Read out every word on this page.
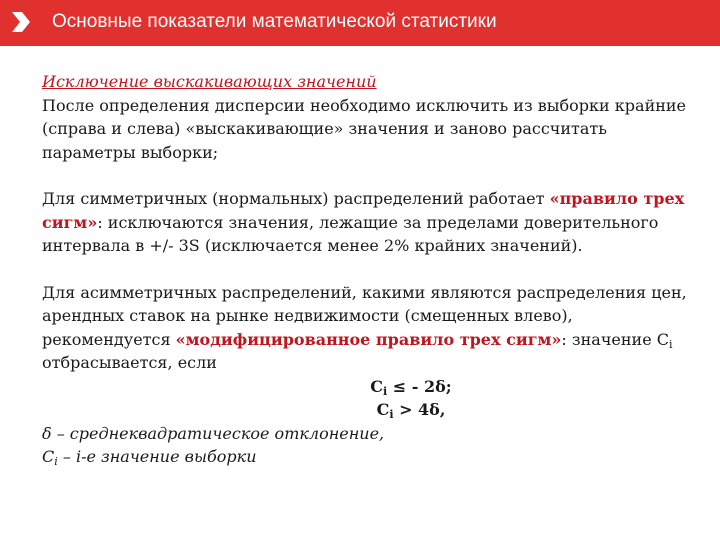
Основные показатели математической статистики

Исключение выскакивающих значений

После определения дисперсии необходимо исключить из выборки крайние (справа и слева) «выскакивающие» значения и заново рассчитать параметры выборки;

Для симметричных (нормальных) распределений работает «правило трех сигм»: исключаются значения, лежащие за пределами доверительного интервала в +/- 3S (исключается менее 2% крайних значений).

Для асимметричных распределений, какими являются распределения цен, арендных ставок на рынке недвижимости (смещенных влево), рекомендуется «модифицированное правило трех сигм»: значение $C_i$ отбрасывается, если

$C_i$ ≤ - 2δ;

$C_i > 4\delta$,

δ – среднеквадратическое отклонение,

$C_i - i-е$ значение выборки
